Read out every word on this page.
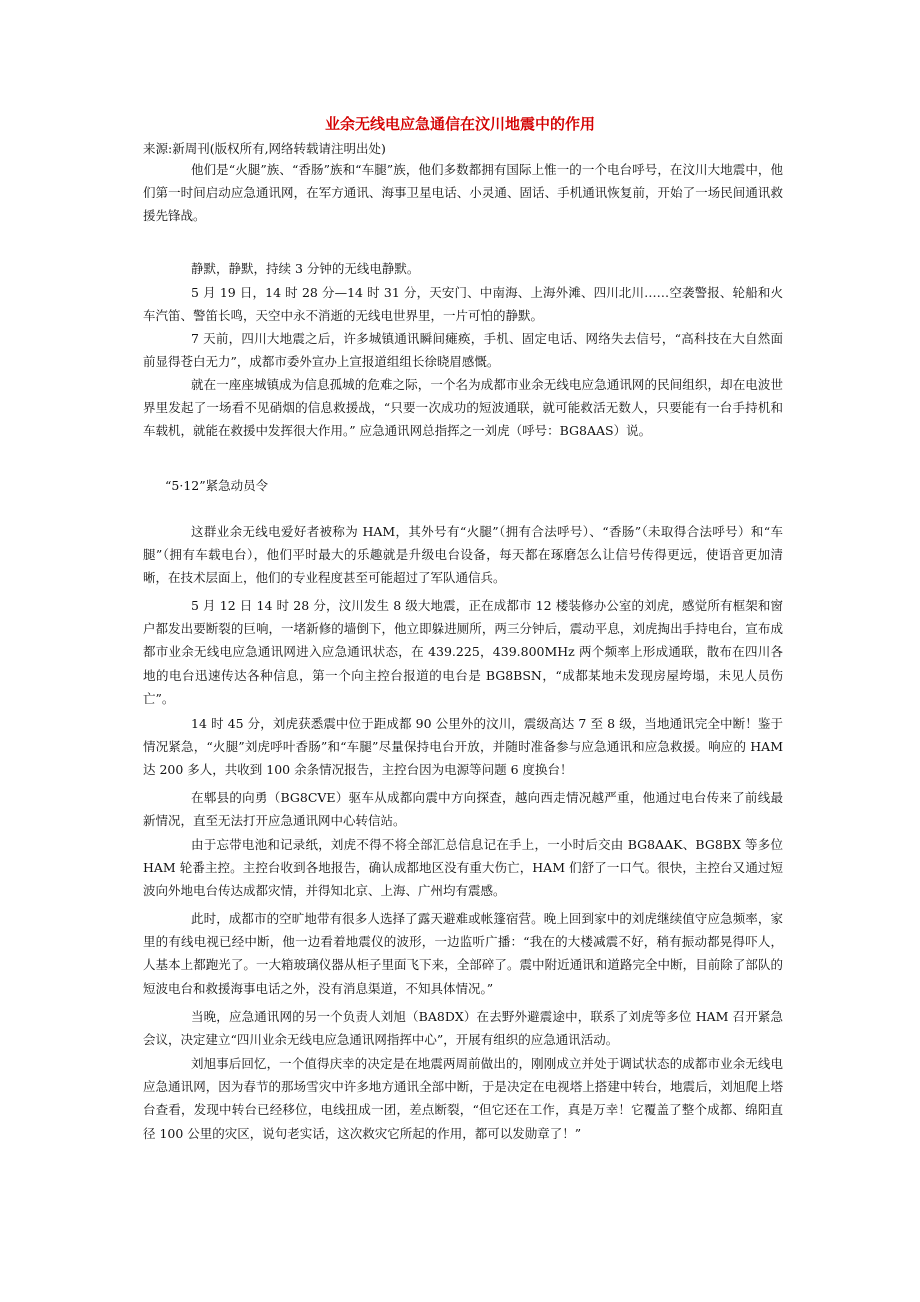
业余无线电应急通信在汶川地震中的作用
来源:新周刊(版权所有,网络转载请注明出处)

他们是“火腿”族、“香肠”族和“车腿”族，他们多数都拥有国际上惟一的一个电台呼号，在汶川大地震中，他们第一时间启动应急通讯网，在军方通讯、海事卫星电话、小灵通、固话、手机通讯恢复前，开始了一场民间通讯救援先锋战。

静默，静默，持续 3 分钟的无线电静默。

5 月 19 日，14 时 28 分—14 时 31 分，天安门、中南海、上海外滩、四川北川……空袭警报、轮船和火车汽笛、警笛长鸣，天空中永不消逝的无线电世界里，一片可怕的静默。

7 天前，四川大地震之后，许多城镇通讯瞬间瘫痪，手机、固定电话、网络失去信号，“高科技在大自然面前显得苍白无力”，成都市委外宣办上宣报道组组长徐晓眉感慨。

就在一座座城镇成为信息孤城的危难之际，一个名为成都市业余无线电应急通讯网的民间组织，却在电波世界里发起了一场看不见硝烟的信息救援战，“只要一次成功的短波通联，就可能救活无数人，只要能有一台手持机和车载机，就能在救援中发挥很大作用。” 应急通讯网总指挥之一刘虎（呼号：BG8AAS）说。

“5·12”紧急动员令

这群业余无线电爱好者被称为 HAM，其外号有“火腿”（拥有合法呼号）、“香肠”（未取得合法呼号）和“车腿”（拥有车载电台），他们平时最大的乐趣就是升级电台设备，每天都在琢磨怎么让信号传得更远，使语音更加清晰，在技术层面上，他们的专业程度甚至可能超过了军队通信兵。

5 月 12 日 14 时 28 分，汶川发生 8 级大地震，正在成都市 12 楼装修办公室的刘虎，感觉所有框架和窗户都发出要断裂的巨响，一堵新修的墙倒下，他立即躲进厕所，两三分钟后，震动平息，刘虎掏出手持电台，宣布成都市业余无线电应急通讯网进入应急通讯状态，在 439.225，439.800MHz 两个频率上形成通联，散布在四川各地的电台迅速传达各种信息，第一个向主控台报道的电台是 BG8BSN，“成都某地未发现房屋垮塌，未见人员伤亡”。

14 时 45 分，刘虎获悉震中位于距成都 90 公里外的汶川，震级高达 7 至 8 级，当地通讯完全中断！鉴于情况紧急，“火腿”刘虎呼叶香肠”和“车腿”尽量保持电台开放，并随时准备参与应急通讯和应急救援。响应的 HAM 达 200 多人，共收到 100 余条情况报告，主控台因为电源等问题 6 度换台！

在郫县的向勇（BG8CVE）驱车从成都向震中方向探查，越向西走情况越严重，他通过电台传来了前线最新情况，直至无法打开应急通讯网中心转信站。

由于忘带电池和记录纸，刘虎不得不将全部汇总信息记在手上，一小时后交由 BG8AAK、BG8BX 等多位 HAM 轮番主控。主控台收到各地报告，确认成都地区没有重大伤亡，HAM 们舒了一口气。很快，主控台又通过短波向外地电台传达成都灾情，并得知北京、上海、广州均有震感。

此时，成都市的空旷地带有很多人选择了露天避难或帐篷宿营。晚上回到家中的刘虎继续值守应急频率，家里的有线电视已经中断，他一边看着地震仪的波形，一边监听广播：“我在的大楼减震不好，稍有振动都晃得吓人，人基本上都跑光了。一大箱玻璃仪器从柜子里面飞下来，全部碎了。震中附近通讯和道路完全中断，目前除了部队的短波电台和救援海事电话之外，没有消息渠道，不知具体情况。”

当晚，应急通讯网的另一个负责人刘旭（BA8DX）在去野外避震途中，联系了刘虎等多位 HAM 召开紧急会议，决定建立“四川业余无线电应急通讯网指挥中心”，开展有组织的应急通讯活动。

刘旭事后回忆，一个值得庆幸的决定是在地震两周前做出的，刚刚成立并处于调试状态的成都市业余无线电应急通讯网，因为春节的那场雪灾中许多地方通讯全部中断，于是决定在电视塔上搭建中转台，地震后，刘旭爬上塔台查看，发现中转台已经移位，电线扭成一团，差点断裂，“但它还在工作，真是万幸！它覆盖了整个成都、绵阳直径 100 公里的灾区，说句老实话，这次救灾它所起的作用，都可以发勋章了！”
